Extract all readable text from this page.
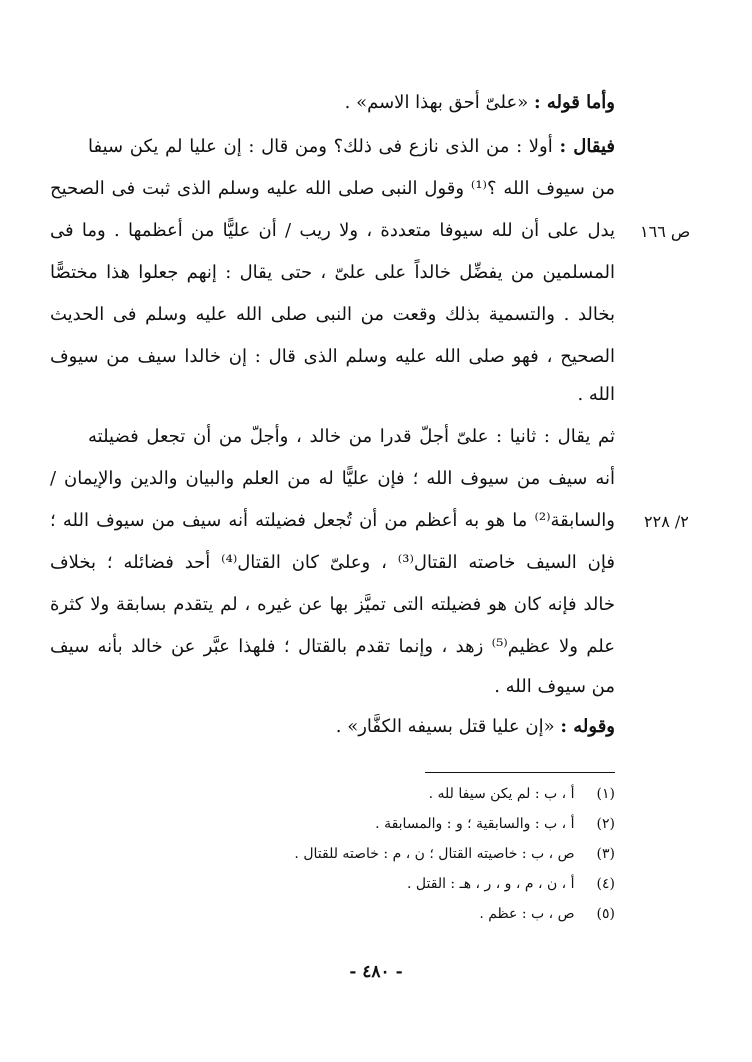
وأما قوله : «علىّ أحق بهذا الاسم» .
فيقال : أولا : من الذى نازع فى ذلك؟ ومن قال : إن عليا لم يكن سيفا
من سيوف الله ؟⁽¹⁾ وقول النبى صلى الله عليه وسلم الذى ثبت فى الصحيح
يدل على أن لله سيوفا متعددة ، ولا ريب / أن عليًّا من أعظمها . وما فى
المسلمين من يفضِّل خالداً على علىّ ، حتى يقال : إنهم جعلوا هذا مختصًّا
بخالد . والتسمية بذلك وقعت من النبى صلى الله عليه وسلم فى الحديث
الصحيح ، فهو صلى الله عليه وسلم الذى قال : إن خالدا سيف من سيوف
الله .
ثم يقال : ثانيا : علىّ أجلّ قدرا من خالد ، وأجلّ من أن تجعل فضيلته
أنه سيف من سيوف الله ؛ فإن عليًّا له من العلم والبيان والدين والإيمان /
والسابقة⁽²⁾ ما هو به أعظم من أن تُجعل فضيلته أنه سيف من سيوف الله ؛
فإن السيف خاصته القتال⁽³⁾ ، وعلىّ كان القتال⁽⁴⁾ أحد فضائله ؛ بخلاف
خالد فإنه كان هو فضيلته التى تميَّز بها عن غيره ، لم يتقدم بسابقة ولا كثرة
علم ولا عظيم⁽⁵⁾ زهد ، وإنما تقدم بالقتال ؛ فلهذا عبَّر عن خالد بأنه سيف
من سيوف الله .
وقوله : «إن عليا قتل بسيفه الكفَّار» .
ص ١٦٦
٢/ ٢٢٨
(١) أ ، ب : لم يكن سيفا لله .
(٢) أ ، ب : والسابقية ؛ و : والمسابقة .
(٣) ص ، ب : خاصيته القتال ؛ ن ، م : خاصته للقتال .
(٤) أ ، ن ، م ، و ، ر ، هـ : القتل .
(٥) ص ، ب : عظم .
- ٤٨٠ -
